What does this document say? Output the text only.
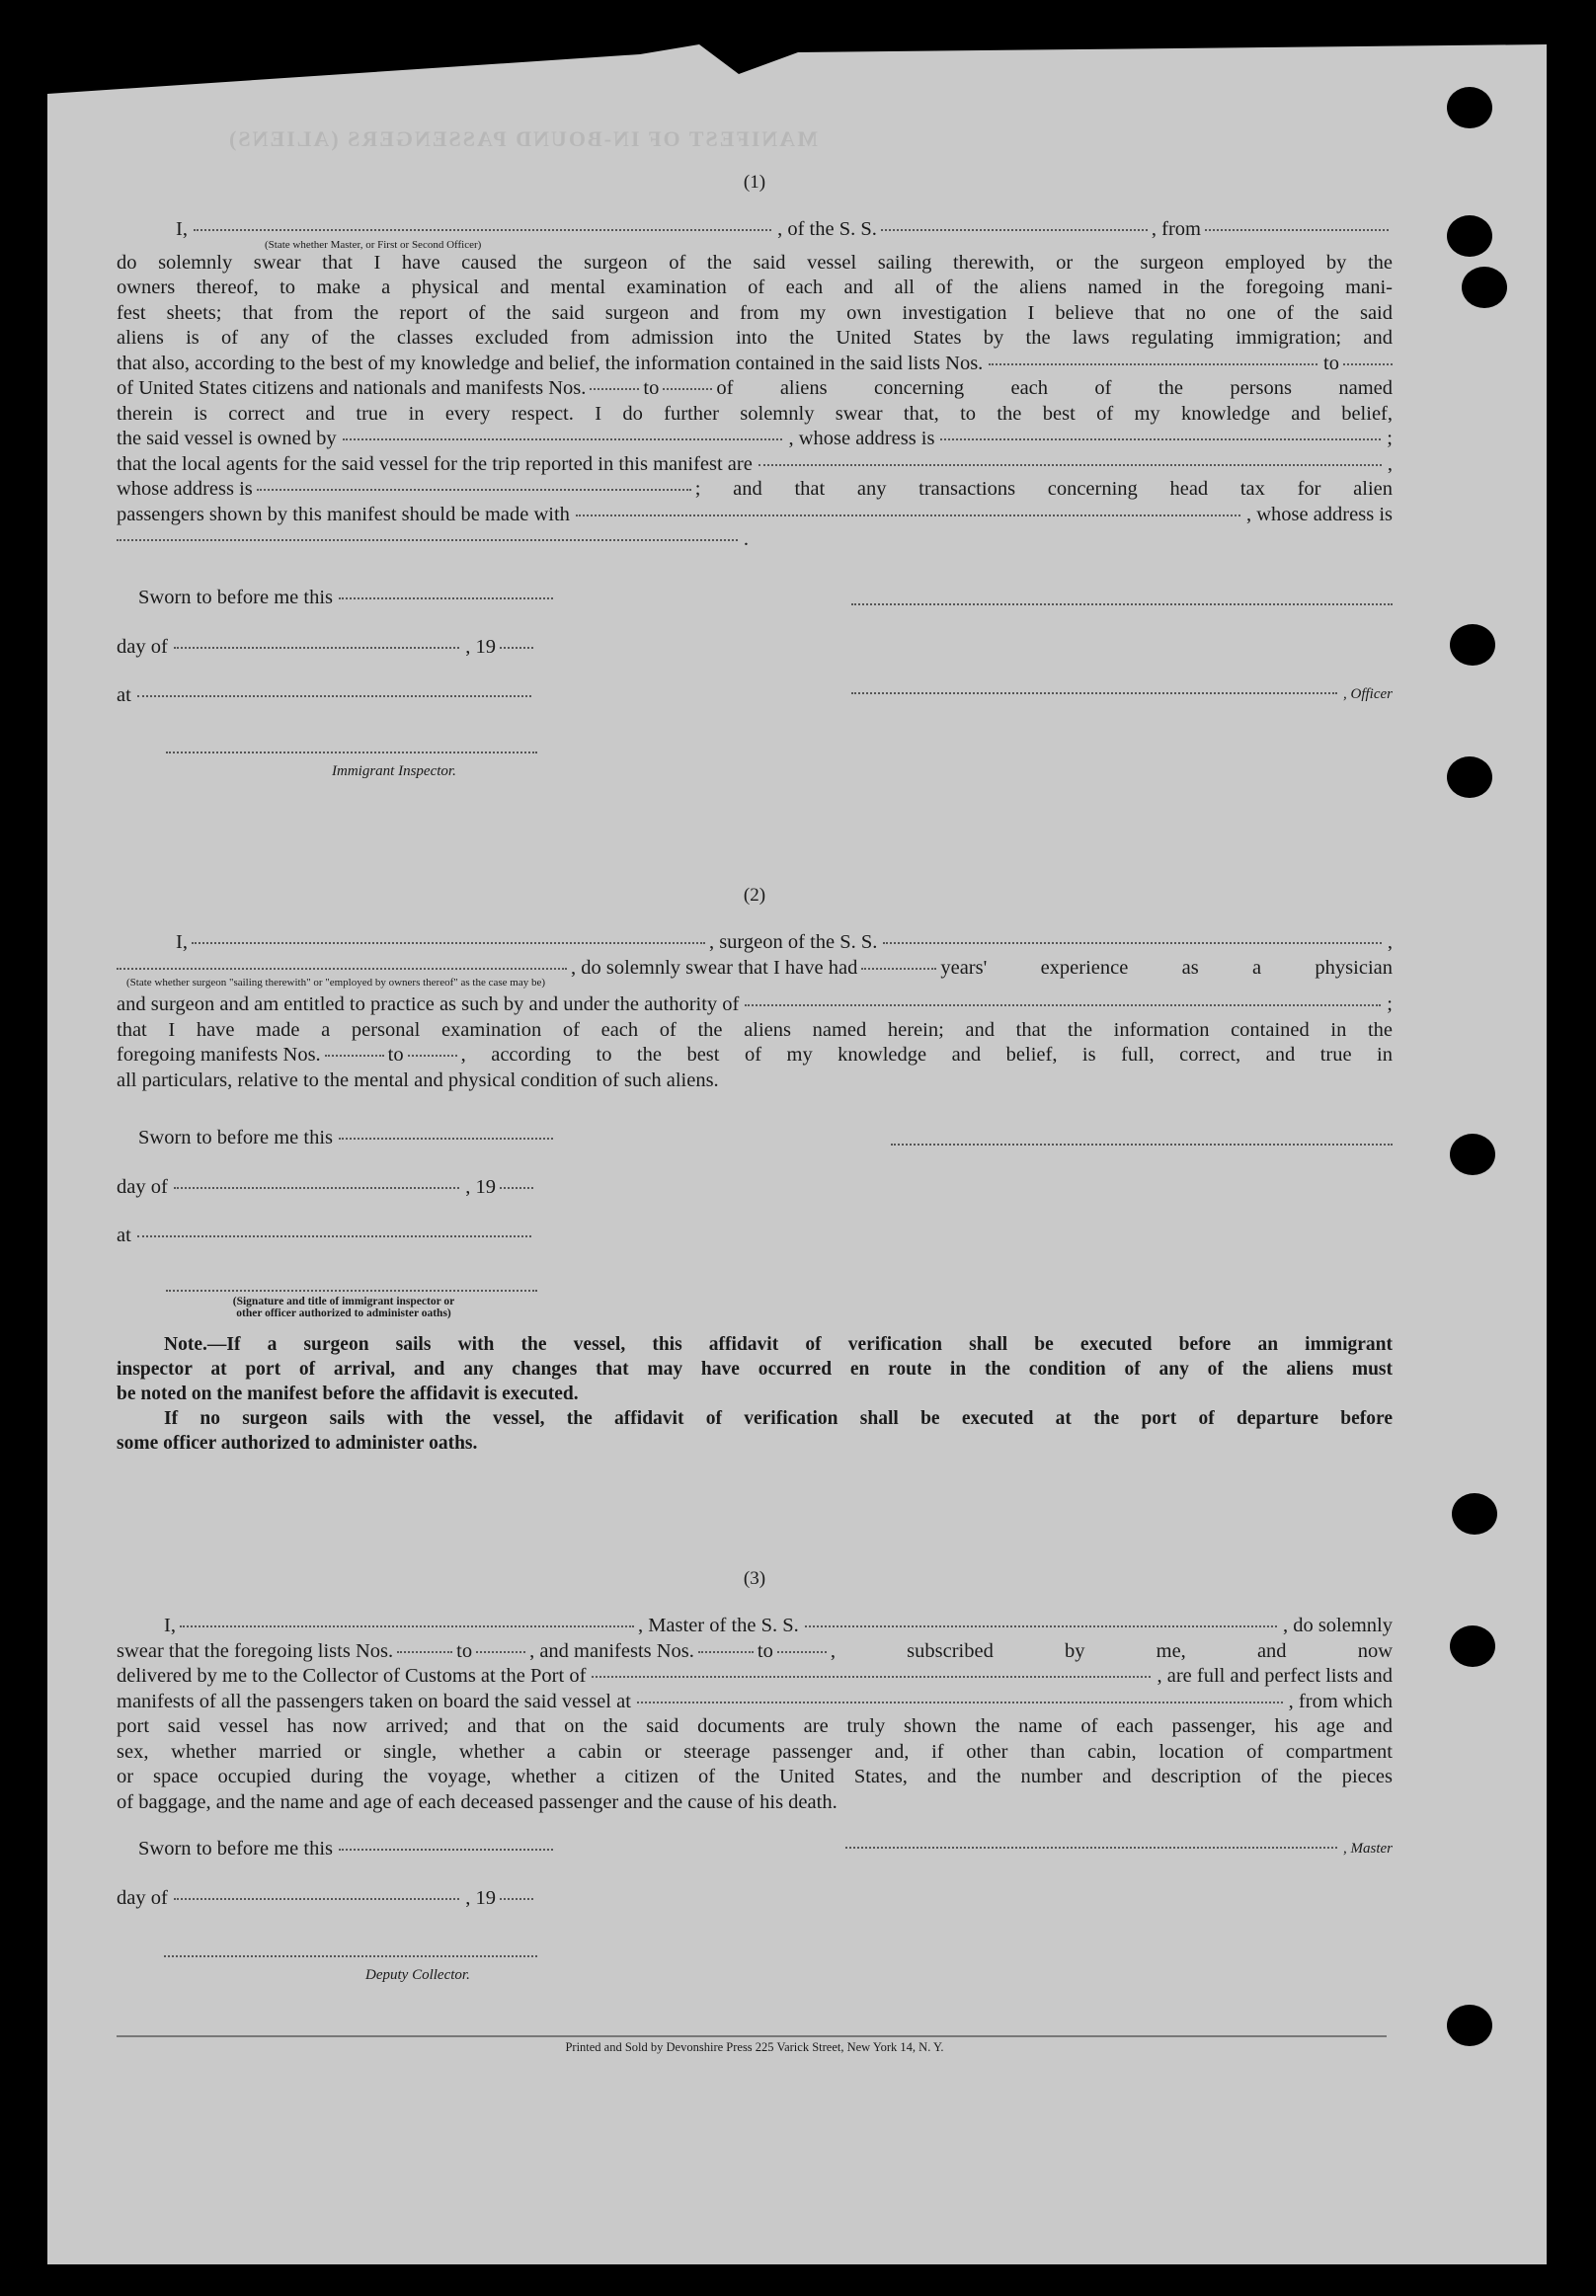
MANIFEST OF IN-BOUND PASSENGERS (ALIENS)
(1)
I,	, of the S. S.	, from
(State whether Master, or First or Second Officer)
do solemnly swear that I have caused the surgeon of the said vessel sailing therewith, or the surgeon employed by the
owners thereof, to make a physical and mental examination of each and all of the aliens named in the foregoing mani-
fest sheets; that from the report of the said surgeon and from my own investigation I believe that no one of the said
aliens is of any of the classes excluded from admission into the United States by the laws regulating immigration; and
that also, according to the best of my knowledge and belief, the information contained in the said lists Nos.	to
of United States citizens and nationals and manifests Nos.	to	of aliens concerning each of the persons named
therein is correct and true in every respect. I do further solemnly swear that, to the best of my knowledge and belief,
the said vessel is owned by	, whose address is	;
that the local agents for the said vessel for the trip reported in this manifest are	,
whose address is	; and that any transactions concerning head tax for alien
passengers shown by this manifest should be made with	, whose address is
.
Sworn to before me this
day of	, 19
at	, Officer
Immigrant Inspector.
(2)
I,	, surgeon of the S. S.	,
, do solemnly swear that I have had	years' experience as a physician
(State whether surgeon "sailing therewith" or "employed by owners thereof" as the case may be)
and surgeon and am entitled to practice as such by and under the authority of	;
that I have made a personal examination of each of the aliens named herein; and that the information contained in the
foregoing manifests Nos.	to	, according to the best of my knowledge and belief, is full, correct, and true in
all particulars, relative to the mental and physical condition of such aliens.
Sworn to before me this
day of	, 19
at
(Signature and title of immigrant inspector or
other officer authorized to administer oaths)
Note.—If a surgeon sails with the vessel, this affidavit of verification shall be executed before an immigrant
inspector at port of arrival, and any changes that may have occurred en route in the condition of any of the aliens must
be noted on the manifest before the affidavit is executed.
If no surgeon sails with the vessel, the affidavit of verification shall be executed at the port of departure before
some officer authorized to administer oaths.
(3)
I,	, Master of the S. S.	, do solemnly
swear that the foregoing lists Nos.	to	, and manifests Nos.	to	, subscribed by me, and now
delivered by me to the Collector of Customs at the Port of	, are full and perfect lists and
manifests of all the passengers taken on board the said vessel at	, from which
port said vessel has now arrived; and that on the said documents are truly shown the name of each passenger, his age and
sex, whether married or single, whether a cabin or steerage passenger and, if other than cabin, location of compartment
or space occupied during the voyage, whether a citizen of the United States, and the number and description of the pieces
of baggage, and the name and age of each deceased passenger and the cause of his death.
Sworn to before me this	, Master
day of	, 19
Deputy Collector.
Printed and Sold by Devonshire Press 225 Varick Street, New York 14, N. Y.
